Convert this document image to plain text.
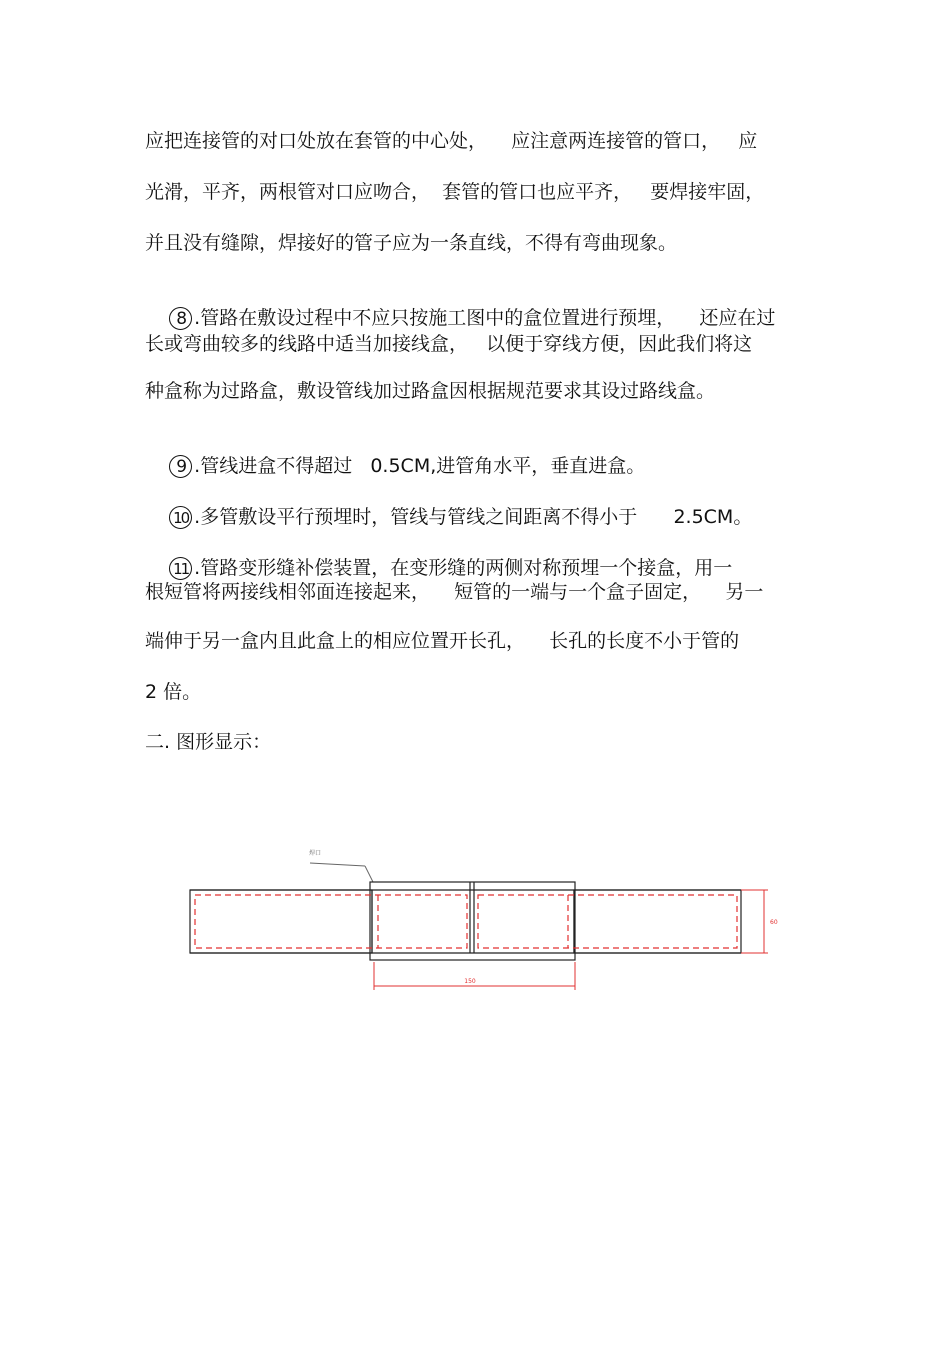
应把连接管的对口处放在套管的中心处，    应注意两连接管的管口，   应
光滑，平齐，两根管对口应吻合，  套管的管口也应平齐，   要焊接牢固，
并且没有缝隙，焊接好的管子应为一条直线，不得有弯曲现象。

8 .管路在敷设过程中不应只按施工图中的盒位置进行预埋，    还应在过

长或弯曲较多的线路中适当加接线盒，   以便于穿线方便，因此我们将这
种盒称为过路盒，敷设管线加过路盒因根据规范要求其设过路线盒。

9 .管线进盒不得超过   0.5CM,进管角水平，垂直进盒。

10 .多管敷设平行预埋时，管线与管线之间距离不得小于      2.5CM。

11 .管路变形缝补偿装置，在变形缝的两侧对称预埋一个接盒，用一

根短管将两接线相邻面连接起来，    短管的一端与一个盒子固定，    另一
端伸于另一盒内且此盒上的相应位置开长孔，    长孔的长度不小于管的
2 倍。
二. 图形显示：
焊口
150
60
